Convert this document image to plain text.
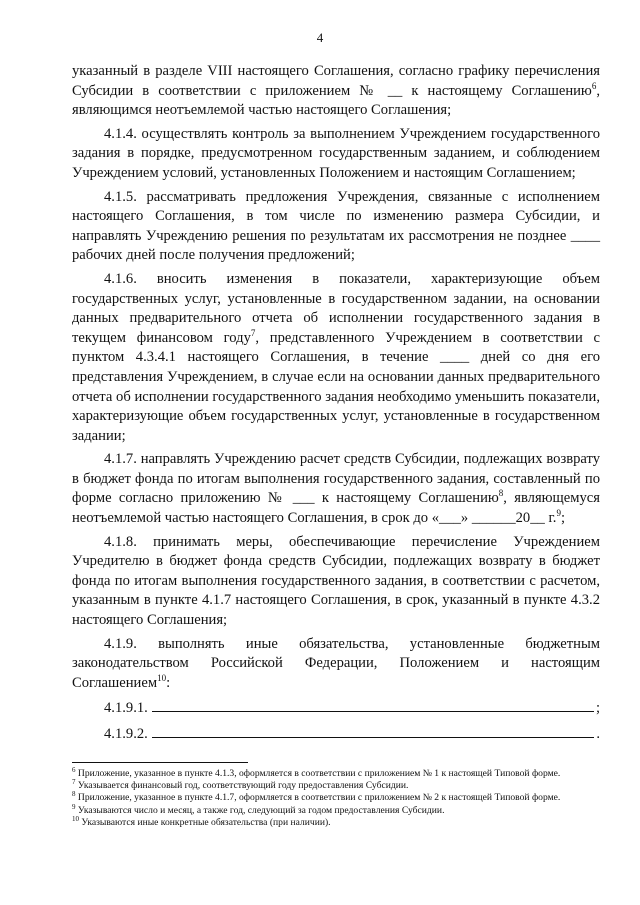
4

указанный в разделе VIII настоящего Соглашения, согласно графику перечисления Субсидии в соответствии с приложением № __ к настоящему Соглашению$^6$, являющимся неотъемлемой частью настоящего Соглашения;

4.1.4. осуществлять контроль за выполнением Учреждением государственного задания в порядке, предусмотренном государственным заданием, и соблюдением Учреждением условий, установленных Положением и настоящим Соглашением;

4.1.5. рассматривать предложения Учреждения, связанные с исполнением настоящего Соглашения, в том числе по изменению размера Субсидии, и направлять Учреждению решения по результатам их рассмотрения не позднее ____ рабочих дней после получения предложений;

4.1.6. вносить изменения в показатели, характеризующие объем государственных услуг, установленные в государственном задании, на основании данных предварительного отчета об исполнении государственного задания в текущем финансовом году$^7$, представленного Учреждением в соответствии с пунктом 4.3.4.1 настоящего Соглашения, в течение ____ дней со дня его представления Учреждением, в случае если на основании данных предварительного отчета об исполнении государственного задания необходимо уменьшить показатели, характеризующие объем государственных услуг, установленные в государственном задании;

4.1.7. направлять Учреждению расчет средств Субсидии, подлежащих возврату в бюджет фонда по итогам выполнения государственного задания, составленный по форме согласно приложению № ___ к настоящему Соглашению$^8$, являющемуся неотъемлемой частью настоящего Соглашения, в срок до «___» ______20__ г.$^9$;

4.1.8. принимать меры, обеспечивающие перечисление Учреждением Учредителю в бюджет фонда средств Субсидии, подлежащих возврату в бюджет фонда по итогам выполнения государственного задания, в соответствии с расчетом, указанным в пункте 4.1.7 настоящего Соглашения, в срок, указанный в пункте 4.3.2 настоящего Соглашения;

4.1.9. выполнять иные обязательства, установленные бюджетным законодательством Российской Федерации, Положением и настоящим Соглашением$^{10}$:

4.1.9.1.	;
4.1.9.2.	.

$^6$ Приложение, указанное в пункте 4.1.3, оформляется в соответствии с приложением № 1 к настоящей Типовой форме.

$^7$ Указывается финансовый год, соответствующий году предоставления Субсидии.

$^8$ Приложение, указанное в пункте 4.1.7, оформляется в соответствии с приложением № 2 к настоящей Типовой форме.

$^9$ Указываются число и месяц, а также год, следующий за годом предоставления Субсидии.

$^{10}$ Указываются иные конкретные обязательства (при наличии).
